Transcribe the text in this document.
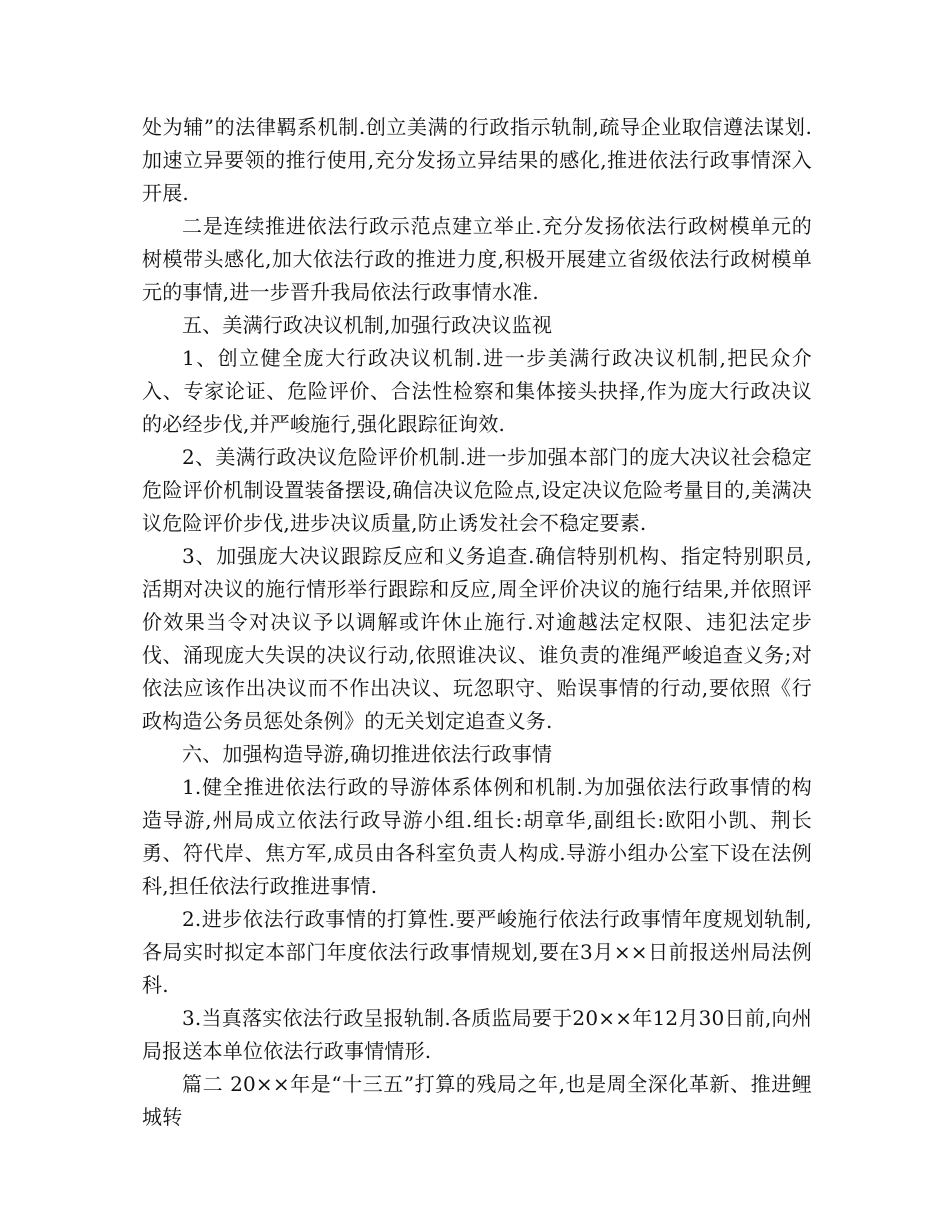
处为辅”的法律羁系机制.创立美满的行政指示轨制,疏导企业取信遵法谋划.加速立异要领的推行使用,充分发扬立异结果的感化,推进依法行政事情深入开展.

二是连续推进依法行政示范点建立举止.充分发扬依法行政树模单元的树模带头感化,加大依法行政的推进力度,积极开展建立省级依法行政树模单元的事情,进一步晋升我局依法行政事情水准.

五、美满行政决议机制,加强行政决议监视

1、创立健全庞大行政决议机制.进一步美满行政决议机制,把民众介入、专家论证、危险评价、合法性检察和集体接头抉择,作为庞大行政决议的必经步伐,并严峻施行,强化跟踪征询效.

2、美满行政决议危险评价机制.进一步加强本部门的庞大决议社会稳定危险评价机制设置装备摆设,确信决议危险点,设定决议危险考量目的,美满决议危险评价步伐,进步决议质量,防止诱发社会不稳定要素.

3、加强庞大决议跟踪反应和义务追查.确信特别机构、指定特别职员,活期对决议的施行情形举行跟踪和反应,周全评价决议的施行结果,并依照评价效果当令对决议予以调解或许休止施行.对逾越法定权限、违犯法定步伐、涌现庞大失误的决议行动,依照谁决议、谁负责的准绳严峻追查义务;对依法应该作出决议而不作出决议、玩忽职守、贻误事情的行动,要依照《行政构造公务员惩处条例》的无关划定追查义务.

六、加强构造导游,确切推进依法行政事情

1.健全推进依法行政的导游体系体例和机制.为加强依法行政事情的构造导游,州局成立依法行政导游小组.组长:胡章华,副组长:欧阳小凯、荆长勇、符代岸、焦方军,成员由各科室负责人构成.导游小组办公室下设在法例科,担任依法行政推进事情.

2.进步依法行政事情的打算性.要严峻施行依法行政事情年度规划轨制,各局实时拟定本部门年度依法行政事情规划,要在3月××日前报送州局法例科.

3.当真落实依法行政呈报轨制.各质监局要于20××年12月30日前,向州局报送本单位依法行政事情情形.

篇二 20××年是“十三五”打算的残局之年,也是周全深化革新、推进鲤城转
